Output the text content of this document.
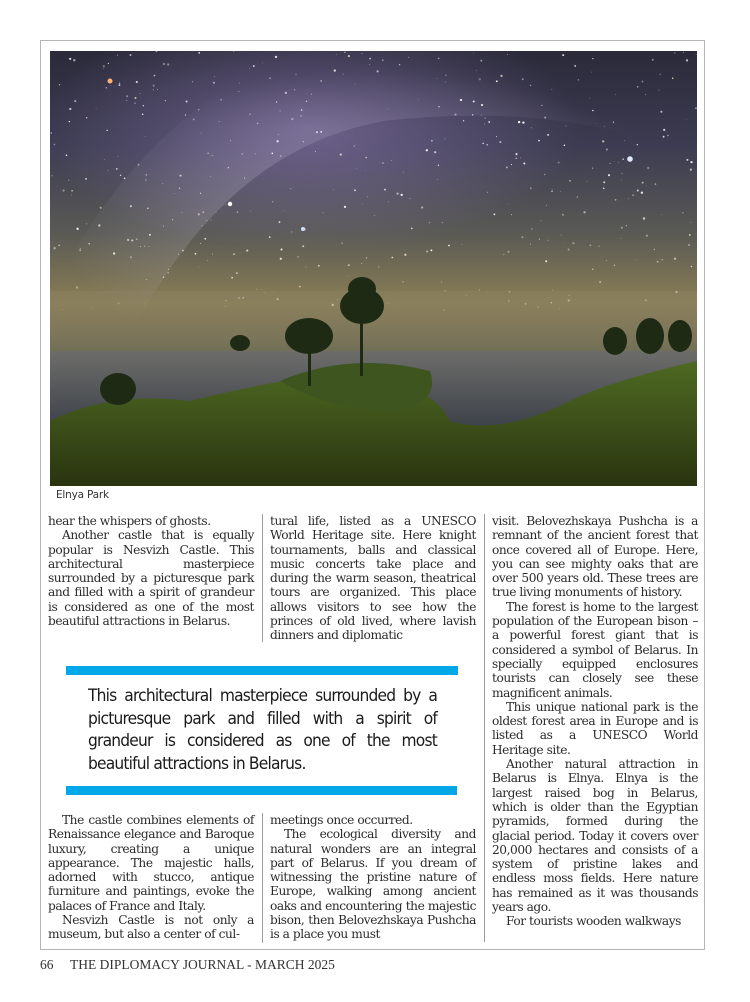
Elnya Park

hear the whispers of ghosts.

Another castle that is equally popular is Nesvizh Castle. This architectural masterpiece surrounded by a picturesque park and filled with a spirit of grandeur is considered as one of the most beautiful attractions in Belarus.

tural life, listed as a UNESCO World Heritage site. Here knight tournaments, balls and classical music concerts take place and during the warm season, theatrical tours are organized. This place allows visitors to see how the princes of old lived, where lavish dinners and diplomatic

visit. Belovezhskaya Pushcha is a remnant of the ancient forest that once covered all of Europe. Here, you can see mighty oaks that are over 500 years old. These trees are true living monuments of history.

The forest is home to the largest population of the European bison – a powerful forest giant that is considered a symbol of Belarus. In specially equipped enclosures tourists can closely see these magnificent animals.

This unique national park is the oldest forest area in Europe and is listed as a UNESCO World Heritage site.

Another natural attraction in Belarus is Elnya. Elnya is the largest raised bog in Belarus, which is older than the Egyptian pyramids, formed during the glacial period. Today it covers over 20,000 hectares and consists of a system of pristine lakes and endless moss fields. Here nature has remained as it was thousands years ago.

For tourists wooden walkways

This architectural masterpiece surrounded by a picturesque park and filled with a spirit of grandeur is considered as one of the most beautiful attractions in Belarus.

The castle combines elements of Renaissance elegance and Baroque luxury, creating a unique appearance. The majestic halls, adorned with stucco, antique furniture and paintings, evoke the palaces of France and Italy.

Nesvizh Castle is not only a museum, but also a center of cul-

meetings once occurred.

The ecological diversity and natural wonders are an integral part of Belarus. If you dream of witnessing the pristine nature of Europe, walking among ancient oaks and encountering the majestic bison, then Belovezhskaya Pushcha is a place you must

66 THE DIPLOMACY JOURNAL - MARCH 2025
